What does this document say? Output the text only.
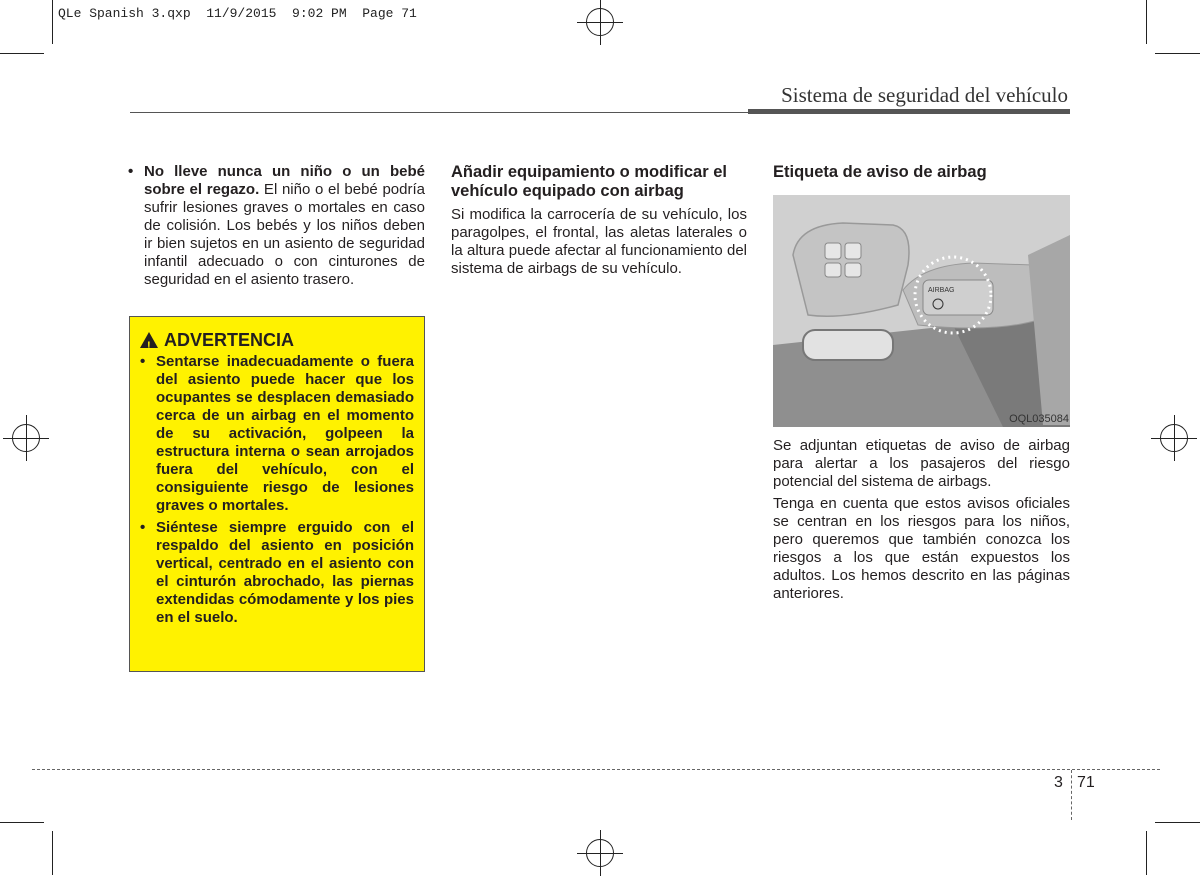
QLe Spanish 3.qxp  11/9/2015  9:02 PM  Page 71
Sistema de seguridad del vehículo
• No lleve nunca un niño o un bebé sobre el regazo. El niño o el bebé podría sufrir lesiones graves o mortales en caso de colisión. Los bebés y los niños deben ir bien sujetos en un asiento de seguridad infantil adecuado o con cinturones de seguridad en el asiento trasero.
! ADVERTENCIA
• Sentarse inadecuadamente o fuera del asiento puede hacer que los ocupantes se desplacen demasiado cerca de un airbag en el momento de su activación, golpeen la estructura interna o sean arrojados fuera del vehículo, con el consiguiente riesgo de lesiones graves o mortales.
• Siéntese siempre erguido con el respaldo del asiento en posición vertical, centrado en el asiento con el cinturón abrochado, las piernas extendidas cómodamente y los pies en el suelo.
Añadir equipamiento o modificar el vehículo equipado con airbag

Si modifica la carrocería de su vehículo, los paragolpes, el frontal, las aletas laterales o la altura puede afectar al funcionamiento del sistema de airbags de su vehículo.

Etiqueta de aviso de airbag
AIRBAG
OQL035084

Se adjuntan etiquetas de aviso de airbag para alertar a los pasajeros del riesgo potencial del sistema de airbags.

Tenga en cuenta que estos avisos oficiales se centran en los riesgos para los niños, pero queremos que también conozca los riesgos a los que están expuestos los adultos. Los hemos descrito en las páginas anteriores.

3 71
